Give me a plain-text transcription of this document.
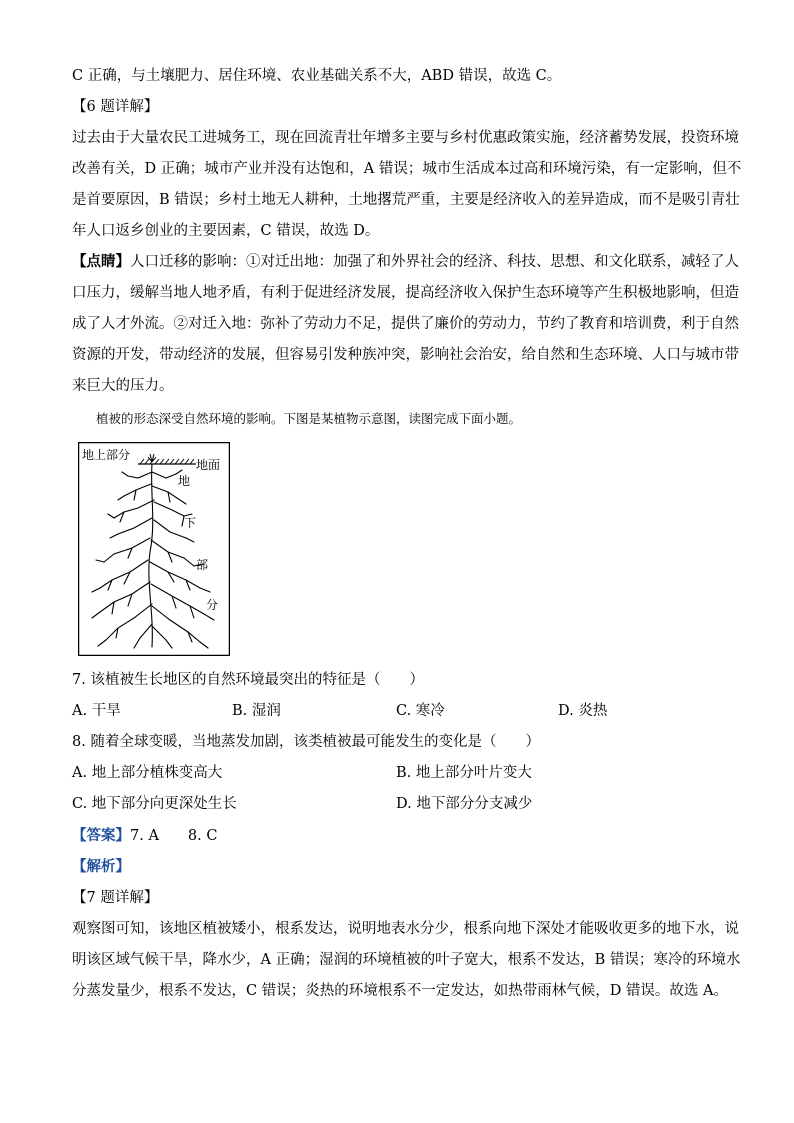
C 正确，与土壤肥力、居住环境、农业基础关系不大，ABD 错误，故选 C。
【6 题详解】
过去由于大量农民工进城务工，现在回流青壮年增多主要与乡村优惠政策实施，经济蓄势发展，投资环境
改善有关，D 正确；城市产业并没有达饱和，A 错误；城市生活成本过高和环境污染，有一定影响，但不
是首要原因，B 错误；乡村土地无人耕种，土地撂荒严重，主要是经济收入的差异造成，而不是吸引青壮
年人口返乡创业的主要因素，C 错误，故选 D。
【点睛】人口迁移的影响：①对迁出地：加强了和外界社会的经济、科技、思想、和文化联系，减轻了人
口压力，缓解当地人地矛盾，有利于促进经济发展，提高经济收入保护生态环境等产生积极地影响，但造
成了人才外流。②对迁入地：弥补了劳动力不足，提供了廉价的劳动力，节约了教育和培训费，利于自然
资源的开发，带动经济的发展，但容易引发种族冲突，影响社会治安，给自然和生态环境、人口与城市带
来巨大的压力。
植被的形态深受自然环境的影响。下图是某植物示意图，读图完成下面小题。
地上部分
地面
地
下
部
分
7. 该植被生长地区的自然环境最突出的特征是（　　）
A. 干旱	B. 湿润	C. 寒冷	D. 炎热
8. 随着全球变暖，当地蒸发加剧，该类植被最可能发生的变化是（　　）
A. 地上部分植株变高大	B. 地上部分叶片变大
C. 地下部分向更深处生长	D. 地下部分分支减少
【答案】7. A　　8. C
【解析】
【7 题详解】
观察图可知，该地区植被矮小，根系发达，说明地表水分少，根系向地下深处才能吸收更多的地下水，说
明该区域气候干旱，降水少，A 正确；湿润的环境植被的叶子宽大，根系不发达，B 错误；寒冷的环境水
分蒸发量少，根系不发达，C 错误；炎热的环境根系不一定发达，如热带雨林气候，D 错误。故选 A。
